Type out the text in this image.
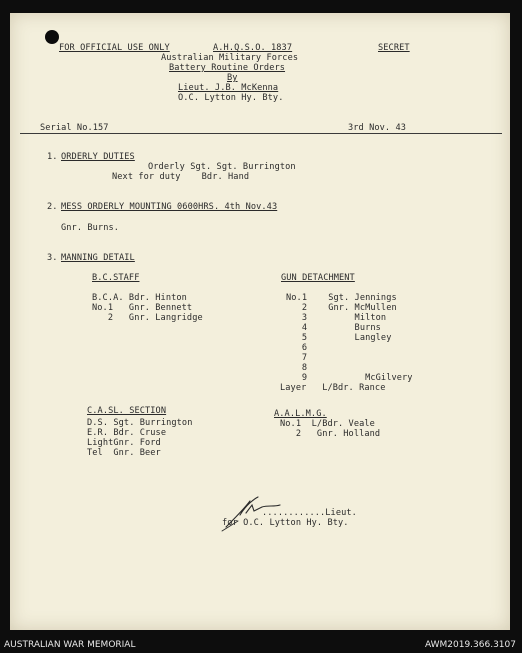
FOR OFFICIAL USE ONLY	A.H.Q.S.O. 1837	SECRET
Australian Military Forces
Battery Routine Orders
By
Lieut. J.B. McKenna
O.C. Lytton Hy. Bty.
Serial No.157	3rd Nov. 43
1. ORDERLY DUTIES
Orderly Sgt. Sgt. Burrington
Next for duty    Bdr. Hand
2. MESS ORDERLY MOUNTING 0600HRS. 4th Nov.43
Gnr. Burns.
3. MANNING DETAIL
B.C.STAFF
B.C.A. Bdr. Hinton
No.1   Gnr. Bennett
2   Gnr. Langridge
GUN DETACHMENT
No.1    Sgt. Jennings
2    Gnr. McMullen
3         Milton
4         Burns
5         Langley
6
7
8
9           McGilvery
Layer   L/Bdr. Rance
C.A.SL. SECTION
D.S. Sgt. Burrington
E.R. Bdr. Cruse
LightGnr. Ford
Tel  Gnr. Beer
A.A.L.M.G.
No.1  L/Bdr. Veale
2   Gnr. Holland
............Lieut.
for O.C. Lytton Hy. Bty.
AUSTRALIAN WAR MEMORIAL	AWM2019.366.3107
